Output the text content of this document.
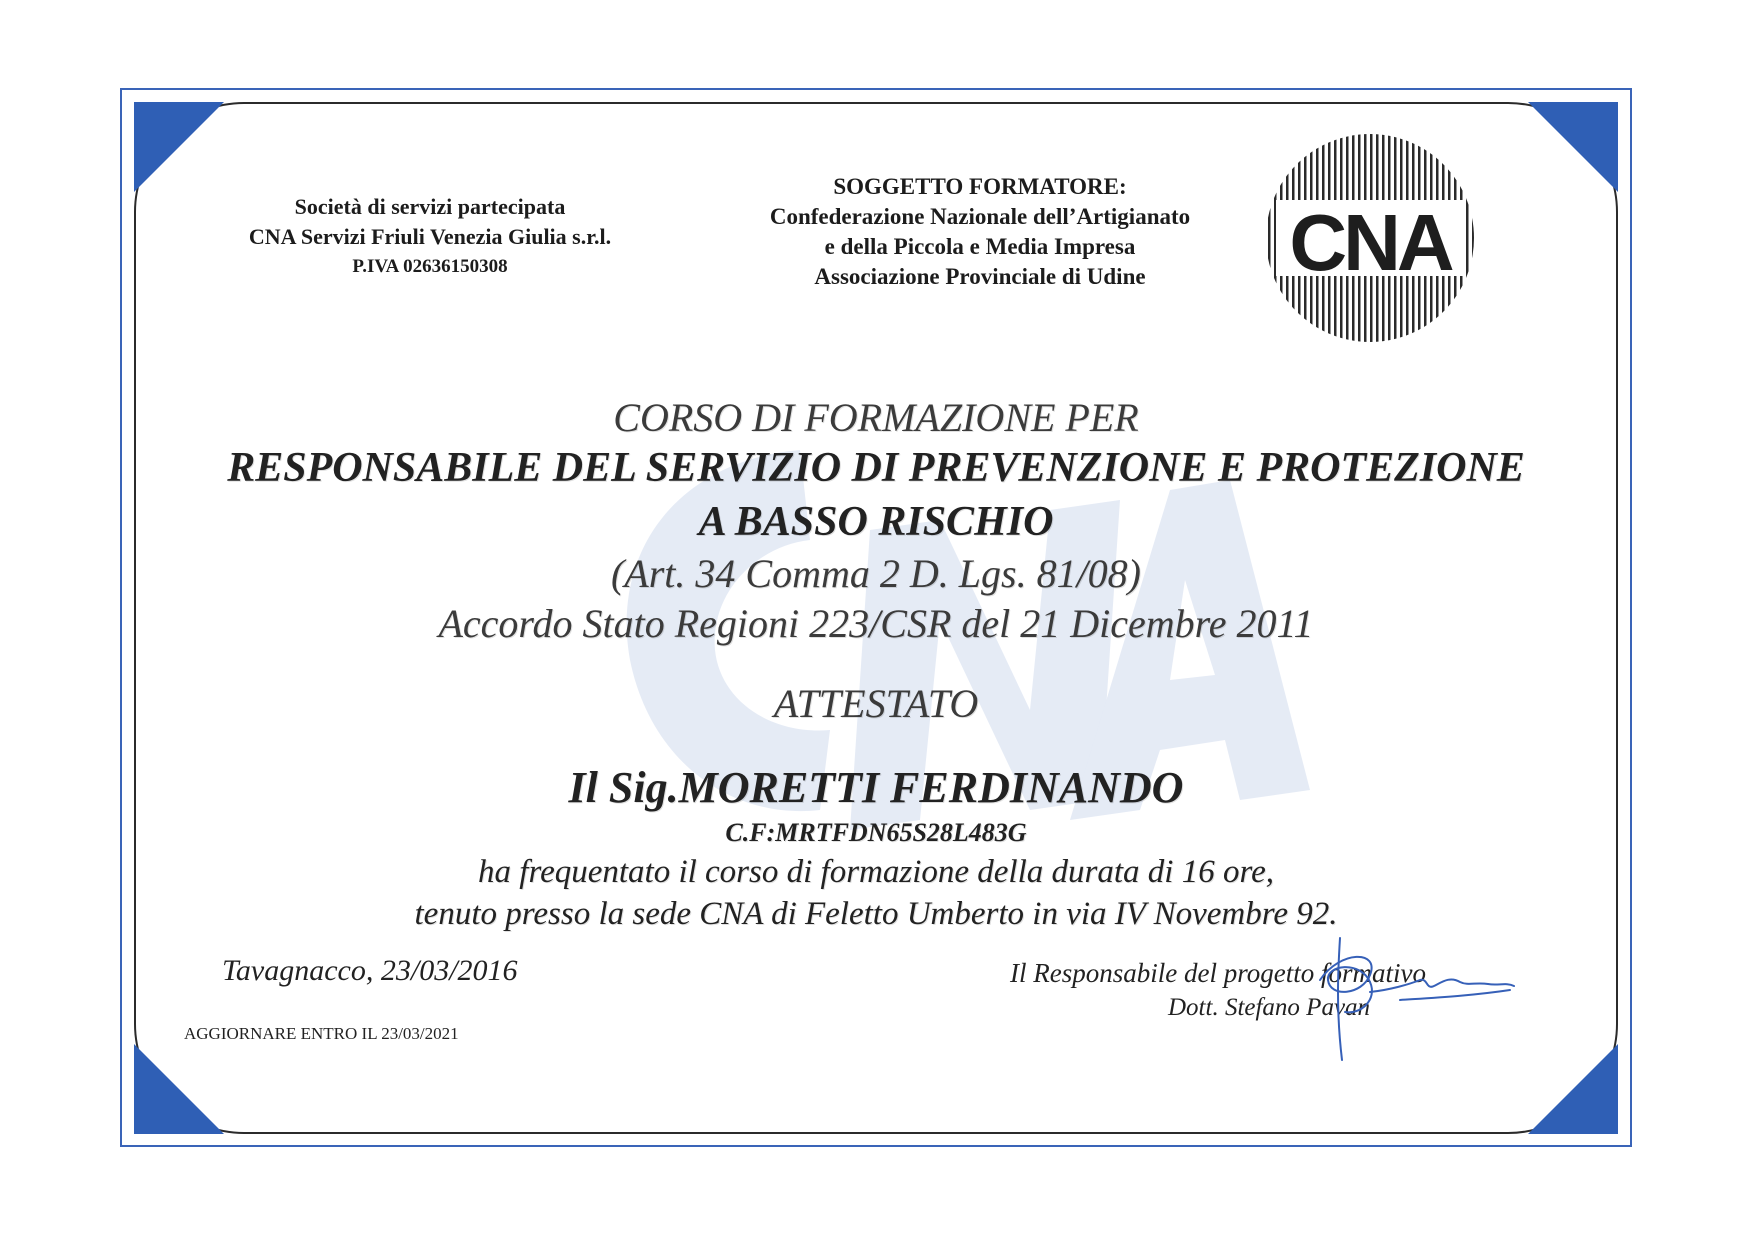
Società di servizi partecipata
CNA Servizi Friuli Venezia Giulia s.r.l.
P.IVA 02636150308
SOGGETTO FORMATORE:
Confederazione Nazionale dell’Artigianato
e della Piccola e Media Impresa
Associazione Provinciale di Udine	CNA
CORSO DI FORMAZIONE PER
RESPONSABILE DEL SERVIZIO DI PREVENZIONE E PROTEZIONE
A BASSO RISCHIO
(Art. 34 Comma 2 D. Lgs. 81/08)
Accordo Stato Regioni 223/CSR del 21 Dicembre 2011
ATTESTATO
Il Sig.MORETTI FERDINANDO
C.F:MRTFDN65S28L483G
ha frequentato il corso di formazione della durata di 16 ore,
tenuto presso la sede CNA di Feletto Umberto in via IV Novembre 92.
Tavagnacco, 23/03/2016
AGGIORNARE ENTRO IL 23/03/2021
Il Responsabile del progetto formativo
Dott. Stefano Pavan
